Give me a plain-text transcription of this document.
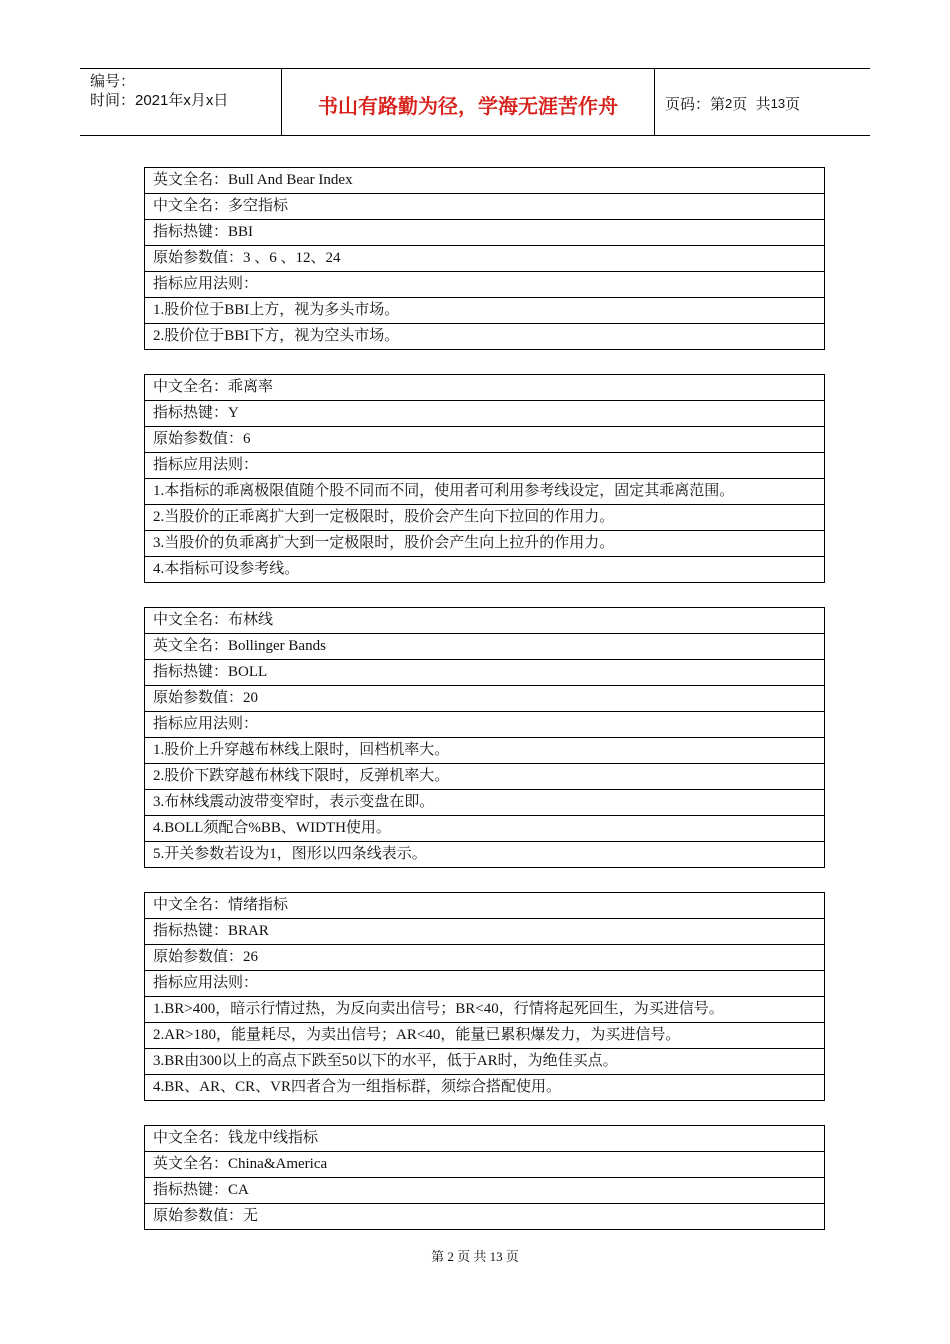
编号：
时间：2021年x月x日	书山有路勤为径，学海无涯苦作舟	页码：第 2 页  共 13 页
英文全名：Bull And Bear Index
中文全名：多空指标
指标热键：BBI
原始参数值：3 、6 、12、24
指标应用法则：
1.股价位于BBI上方，视为多头市场。
2.股价位于BBI下方，视为空头市场。
中文全名：乖离率
指标热键：Y
原始参数值：6
指标应用法则：
1.本指标的乖离极限值随个股不同而不同，使用者可利用参考线设定，固定其乖离范围。
2.当股价的正乖离扩大到一定极限时，股价会产生向下拉回的作用力。
3.当股价的负乖离扩大到一定极限时，股价会产生向上拉升的作用力。
4.本指标可设参考线。
中文全名：布林线
英文全名：Bollinger Bands
指标热键：BOLL
原始参数值：20
指标应用法则：
1.股价上升穿越布林线上限时，回档机率大。
2.股价下跌穿越布林线下限时，反弹机率大。
3.布林线震动波带变窄时，表示变盘在即。
4.BOLL须配合%BB、WIDTH使用。
5.开关参数若设为1，图形以四条线表示。
中文全名：情绪指标
指标热键：BRAR
原始参数值：26
指标应用法则：
1.BR>400，暗示行情过热，为反向卖出信号；BR<40，行情将起死回生，为买进信号。
2.AR>180，能量耗尽，为卖出信号；AR<40，能量已累积爆发力，为买进信号。
3.BR由300以上的高点下跌至50以下的水平，低于AR时，为绝佳买点。
4.BR、AR、CR、VR四者合为一组指标群，须综合搭配使用。
中文全名：钱龙中线指标
英文全名：China&America
指标热键：CA
原始参数值：无
第 2 页 共 13 页
